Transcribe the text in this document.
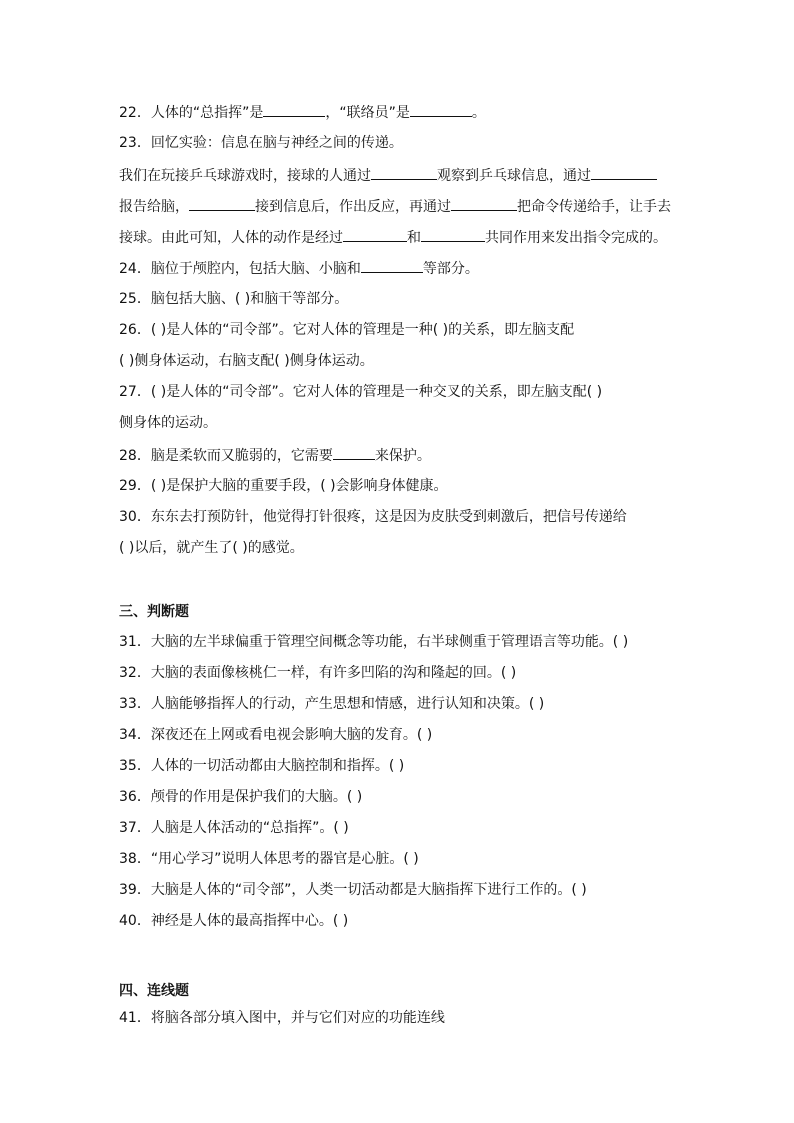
22．人体的“总指挥”是	，“联络员”是	。
23．回忆实验：信息在脑与神经之间的传递。
我们在玩接乒乓球游戏时，接球的人通过	观察到乒乓球信息，通过
报告给脑，	接到信息后，作出反应，再通过	把命令传递给手，让手去
接球。由此可知，人体的动作是经过	和	共同作用来发出指令完成的。
24．脑位于颅腔内，包括大脑、小脑和	等部分。
25．脑包括大脑、( )和脑干等部分。
26．( )是人体的“司令部”。它对人体的管理是一种( )的关系，即左脑支配
( )侧身体运动，右脑支配( )侧身体运动。
27．( )是人体的“司令部”。它对人体的管理是一种交叉的关系，即左脑支配( )
侧身体的运动。
28．脑是柔软而又脆弱的，它需要	来保护。
29．( )是保护大脑的重要手段，( )会影响身体健康。
30．东东去打预防针，他觉得打针很疼，这是因为皮肤受到刺激后，把信号传递给
( )以后，就产生了( )的感觉。
三、判断题
31．大脑的左半球偏重于管理空间概念等功能，右半球侧重于管理语言等功能。( )
32．大脑的表面像核桃仁一样，有许多凹陷的沟和隆起的回。( )
33．人脑能够指挥人的行动，产生思想和情感，进行认知和决策。( )
34．深夜还在上网或看电视会影响大脑的发育。( )
35．人体的一切活动都由大脑控制和指挥。( )
36．颅骨的作用是保护我们的大脑。( )
37．人脑是人体活动的“总指挥”。( )
38．“用心学习”说明人体思考的器官是心脏。( )
39．大脑是人体的“司令部”，人类一切活动都是大脑指挥下进行工作的。( )
40．神经是人体的最高指挥中心。( )
四、连线题
41．将脑各部分填入图中，并与它们对应的功能连线
